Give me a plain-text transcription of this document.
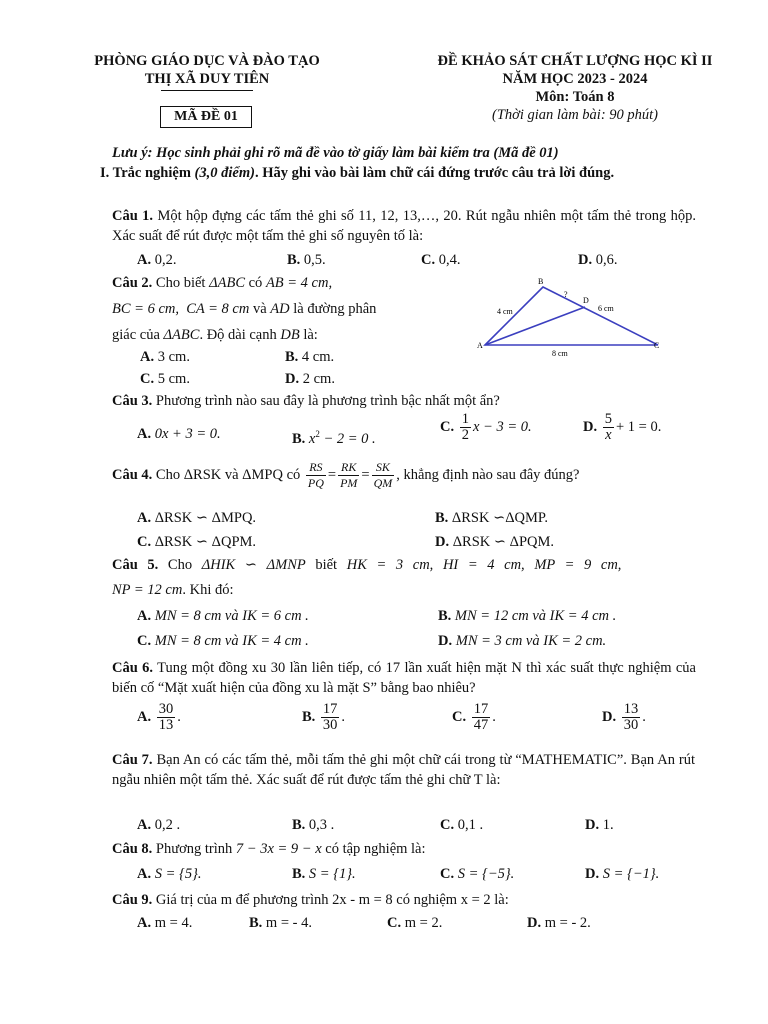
PHÒNG GIÁO DỤC VÀ ĐÀO TẠO
THỊ XÃ DUY TIÊN
MÃ ĐỀ 01
ĐỀ KHẢO SÁT CHẤT LƯỢNG HỌC KÌ II
NĂM HỌC 2023 - 2024
Môn: Toán 8
(Thời gian làm bài: 90 phút)
Lưu ý: Học sinh phải ghi rõ mã đề vào tờ giấy làm bài kiểm tra (Mã đề 01)
I. Trắc nghiệm (3,0 điểm). Hãy ghi vào bài làm chữ cái đứng trước câu trả lời đúng.
Câu 1. Một hộp đựng các tấm thẻ ghi số 11, 12, 13,…, 20. Rút ngẫu nhiên một tấm thẻ trong hộp. Xác suất để rút được một tấm thẻ ghi số nguyên tố là:
A. 0,2.	B. 0,5.	C. 0,4.	D. 0,6.
Câu 2. Cho biết ΔABC có AB = 4 cm,
BC = 6 cm, CA = 8 cm và AD là đường phân
giác của ΔABC. Độ dài cạnh DB là:
A. 3 cm.	B. 4 cm.
C. 5 cm.	D. 2 cm.
B
A	C
D
4 cm	6 cm
8 cm
?
Câu 3. Phương trình nào sau đây là phương trình bậc nhất một ẩn?
A. 0x + 3 = 0.	B. $x^2 - 2 = 0$ .
C. $\frac{1}{2}$ x − 3 = 0.	D. $\frac{5}{x} + 1 = 0$.
Câu 4. Cho ΔRSK và ΔMPQ có $\frac{RS}{PQ} = \frac{RK}{PM} = \frac{SK}{QM}$ , khẳng định nào sau đây đúng?
A. ΔRSK ∽ ΔMPQ.	B. ΔRSK ∽ΔQMP.
C. ΔRSK ∽ ΔQPM.	D. ΔRSK ∽ ΔPQM.
Câu 5. Cho ΔHIK ∽ ΔMNP biết HK = 3 cm, HI = 4 cm, MP = 9 cm,
NP = 12 cm. Khi đó:
A. MN = 8 cm và IK = 6 cm .	B. MN = 12 cm và IK = 4 cm .
C. MN = 8 cm và IK = 4 cm .	D. MN = 3 cm và IK = 2 cm.
Câu 6. Tung một đồng xu 30 lần liên tiếp, có 17 lần xuất hiện mặt N thì xác suất thực nghiệm của biến cố “Mặt xuất hiện của đồng xu là mặt S” bằng bao nhiêu?
A. $\frac{30}{13}$ .	B. $\frac{17}{30}$ .	C. $\frac{17}{47}$ .	D. $\frac{13}{30}$ .
Câu 7. Bạn An có các tấm thẻ, mỗi tấm thẻ ghi một chữ cái trong từ “MATHEMATIC”. Bạn An rút ngẫu nhiên một tấm thẻ. Xác suất để rút được tấm thẻ ghi chữ T là:
A. 0,2 .	B. 0,3 .	C. 0,1 .	D. 1.
Câu 8. Phương trình 7 − 3x = 9 − x có tập nghiệm là:
A. S = {5}.	B. S = {1}.	C. S = {−5}.	D. S = {−1}.
Câu 9. Giá trị của m để phương trình 2x - m = 8 có nghiệm x = 2 là:
A. m = 4.	B. m = - 4.	C. m = 2.	D. m = - 2.
